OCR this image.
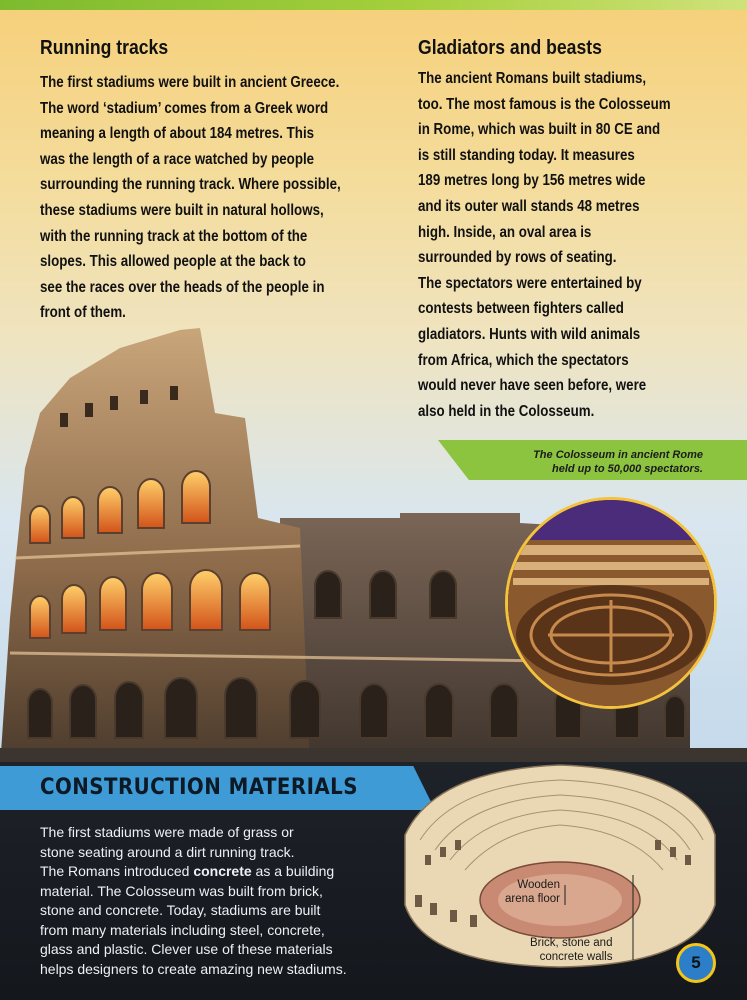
Running tracks

The first stadiums were built in ancient Greece.

The word ‘stadium’ comes from a Greek word

meaning a length of about 184 metres. This

was the length of a race watched by people

surrounding the running track. Where possible,

these stadiums were built in natural hollows,

with the running track at the bottom of the

slopes. This allowed people at the back to

see the races over the heads of the people in

front of them.

Gladiators and beasts

The ancient Romans built stadiums,

too. The most famous is the Colosseum

in Rome, which was built in 80 CE and

is still standing today. It measures

189 metres long by 156 metres wide

and its outer wall stands 48 metres

high. Inside, an oval area is

surrounded by rows of seating.

The spectators were entertained by

contests between fighters called

gladiators. Hunts with wild animals

from Africa, which the spectators

would never have seen before, were

also held in the Colosseum.

The Colosseum in ancient Rome
held up to 50,000 spectators.
CONSTRUCTION MATERIALS

The first stadiums were made of grass or

stone seating around a dirt running track.

The Romans introduced concrete as a building

material. The Colosseum was built from brick,

stone and concrete. Today, stadiums are built

from many materials including steel, concrete,

glass and plastic. Clever use of these materials

helps designers to create amazing new stadiums.

Wooden
arena floor
Brick, stone and
concrete walls	5
